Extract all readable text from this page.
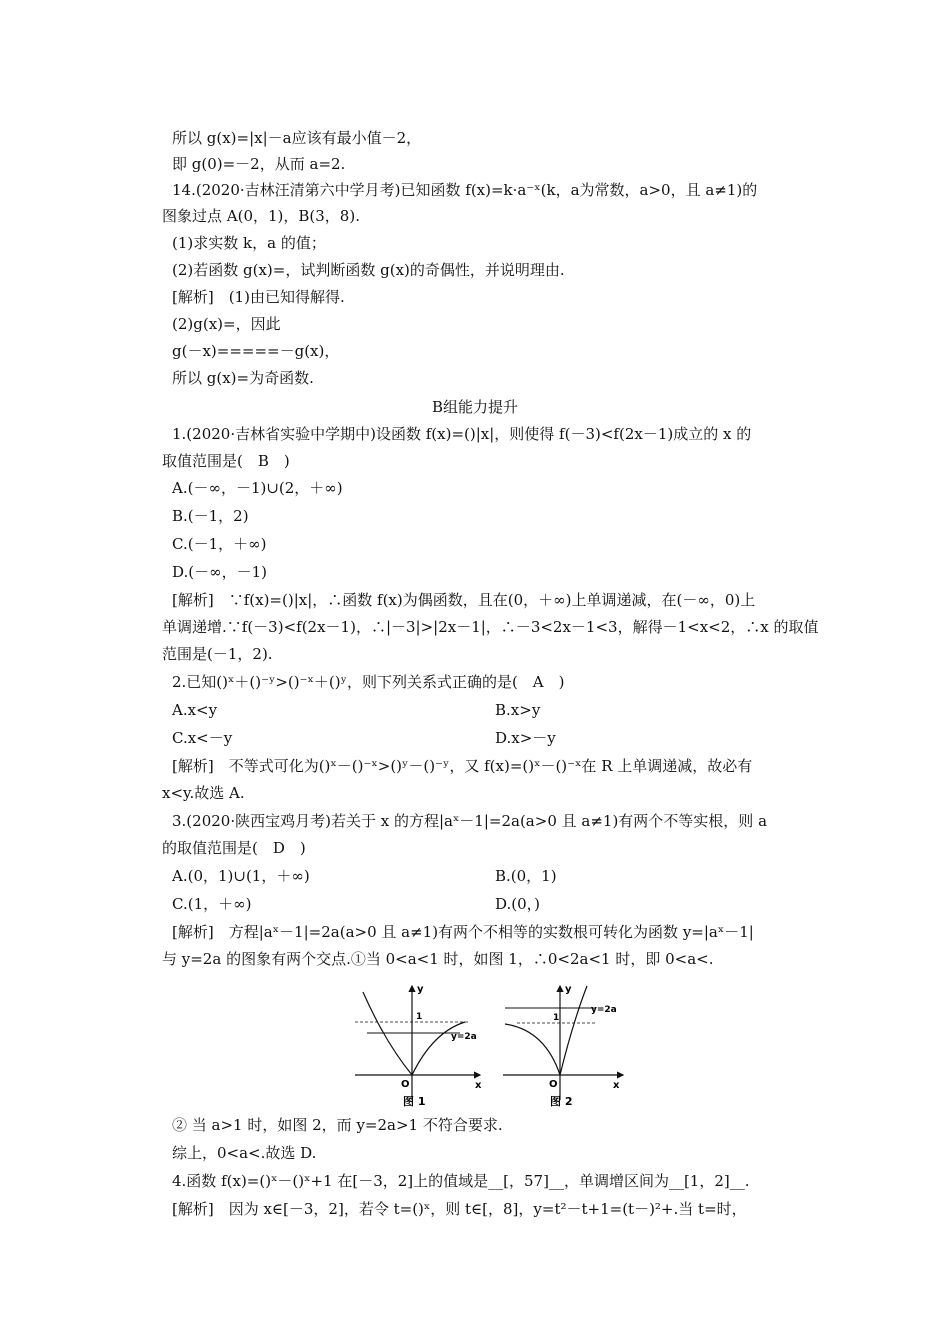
所以 g(x)=|x|－a应该有最小值－2，
即 g(0)=－2，从而 a=2.
14.(2020·吉林汪清第六中学月考)已知函数 f(x)=k·a⁻ˣ(k，a为常数，a>0，且 a≠1)的
图象过点 A(0，1)，B(3，8).
(1)求实数 k，a 的值；
(2)若函数 g(x)=，试判断函数 g(x)的奇偶性，并说明理由.
[解析]　(1)由已知得解得.
(2)g(x)=，因此
g(－x)=====－g(x)，
所以 g(x)=为奇函数.
B组能力提升
1.(2020·吉林省实验中学期中)设函数 f(x)=()|x|，则使得 f(－3)<f(2x－1)成立的 x 的
取值范围是(　B　)
A.(－∞，－1)∪(2，＋∞)
B.(－1，2)
C.(－1，＋∞)
D.(－∞，－1)
[解析]　∵f(x)=()|x|，∴函数 f(x)为偶函数，且在(0，＋∞)上单调递减，在(－∞，0)上
单调递增.∵f(－3)<f(2x－1)，∴|－3|>|2x－1|，∴－3<2x－1<3，解得－1<x<2，∴x 的取值
范围是(－1，2).
2.已知()ˣ＋()⁻ʸ>()⁻ˣ＋()ʸ，则下列关系式正确的是(　A　)
A.x<y	B.x>y
C.x<－y	D.x>－y
[解析]　不等式可化为()ˣ－()⁻ˣ>()ʸ－()⁻ʸ，又 f(x)=()ˣ－()⁻ˣ在 R 上单调递减，故必有
x<y.故选 A.
3.(2020·陕西宝鸡月考)若关于 x 的方程|aˣ－1|=2a(a>0 且 a≠1)有两个不等实根，则 a
的取值范围是(　D　)
A.(0，1)∪(1，＋∞)	B.(0，1)
C.(1，＋∞)	D.(0，)
[解析]　方程|aˣ－1|=2a(a>0 且 a≠1)有两个不相等的实数根可转化为函数 y=|aˣ－1|
与 y=2a 的图象有两个交点.①当 0<a<1 时，如图 1，∴0<2a<1 时，即 0<a<.
y
x
O
1
y=2a
图 1
y
x
O
1
y=2a
图 2
② 当 a>1 时，如图 2，而 y=2a>1 不符合要求.
综上，0<a<.故选 D.
4.函数 f(x)=()ˣ－()ˣ+1 在[－3，2]上的值域是__[，57]__，单调增区间为__[1，2]__.
[解析]　因为 x∈[－3，2]，若令 t=()ˣ，则 t∈[，8]，y=t²－t+1=(t－)²+.当 t=时，
